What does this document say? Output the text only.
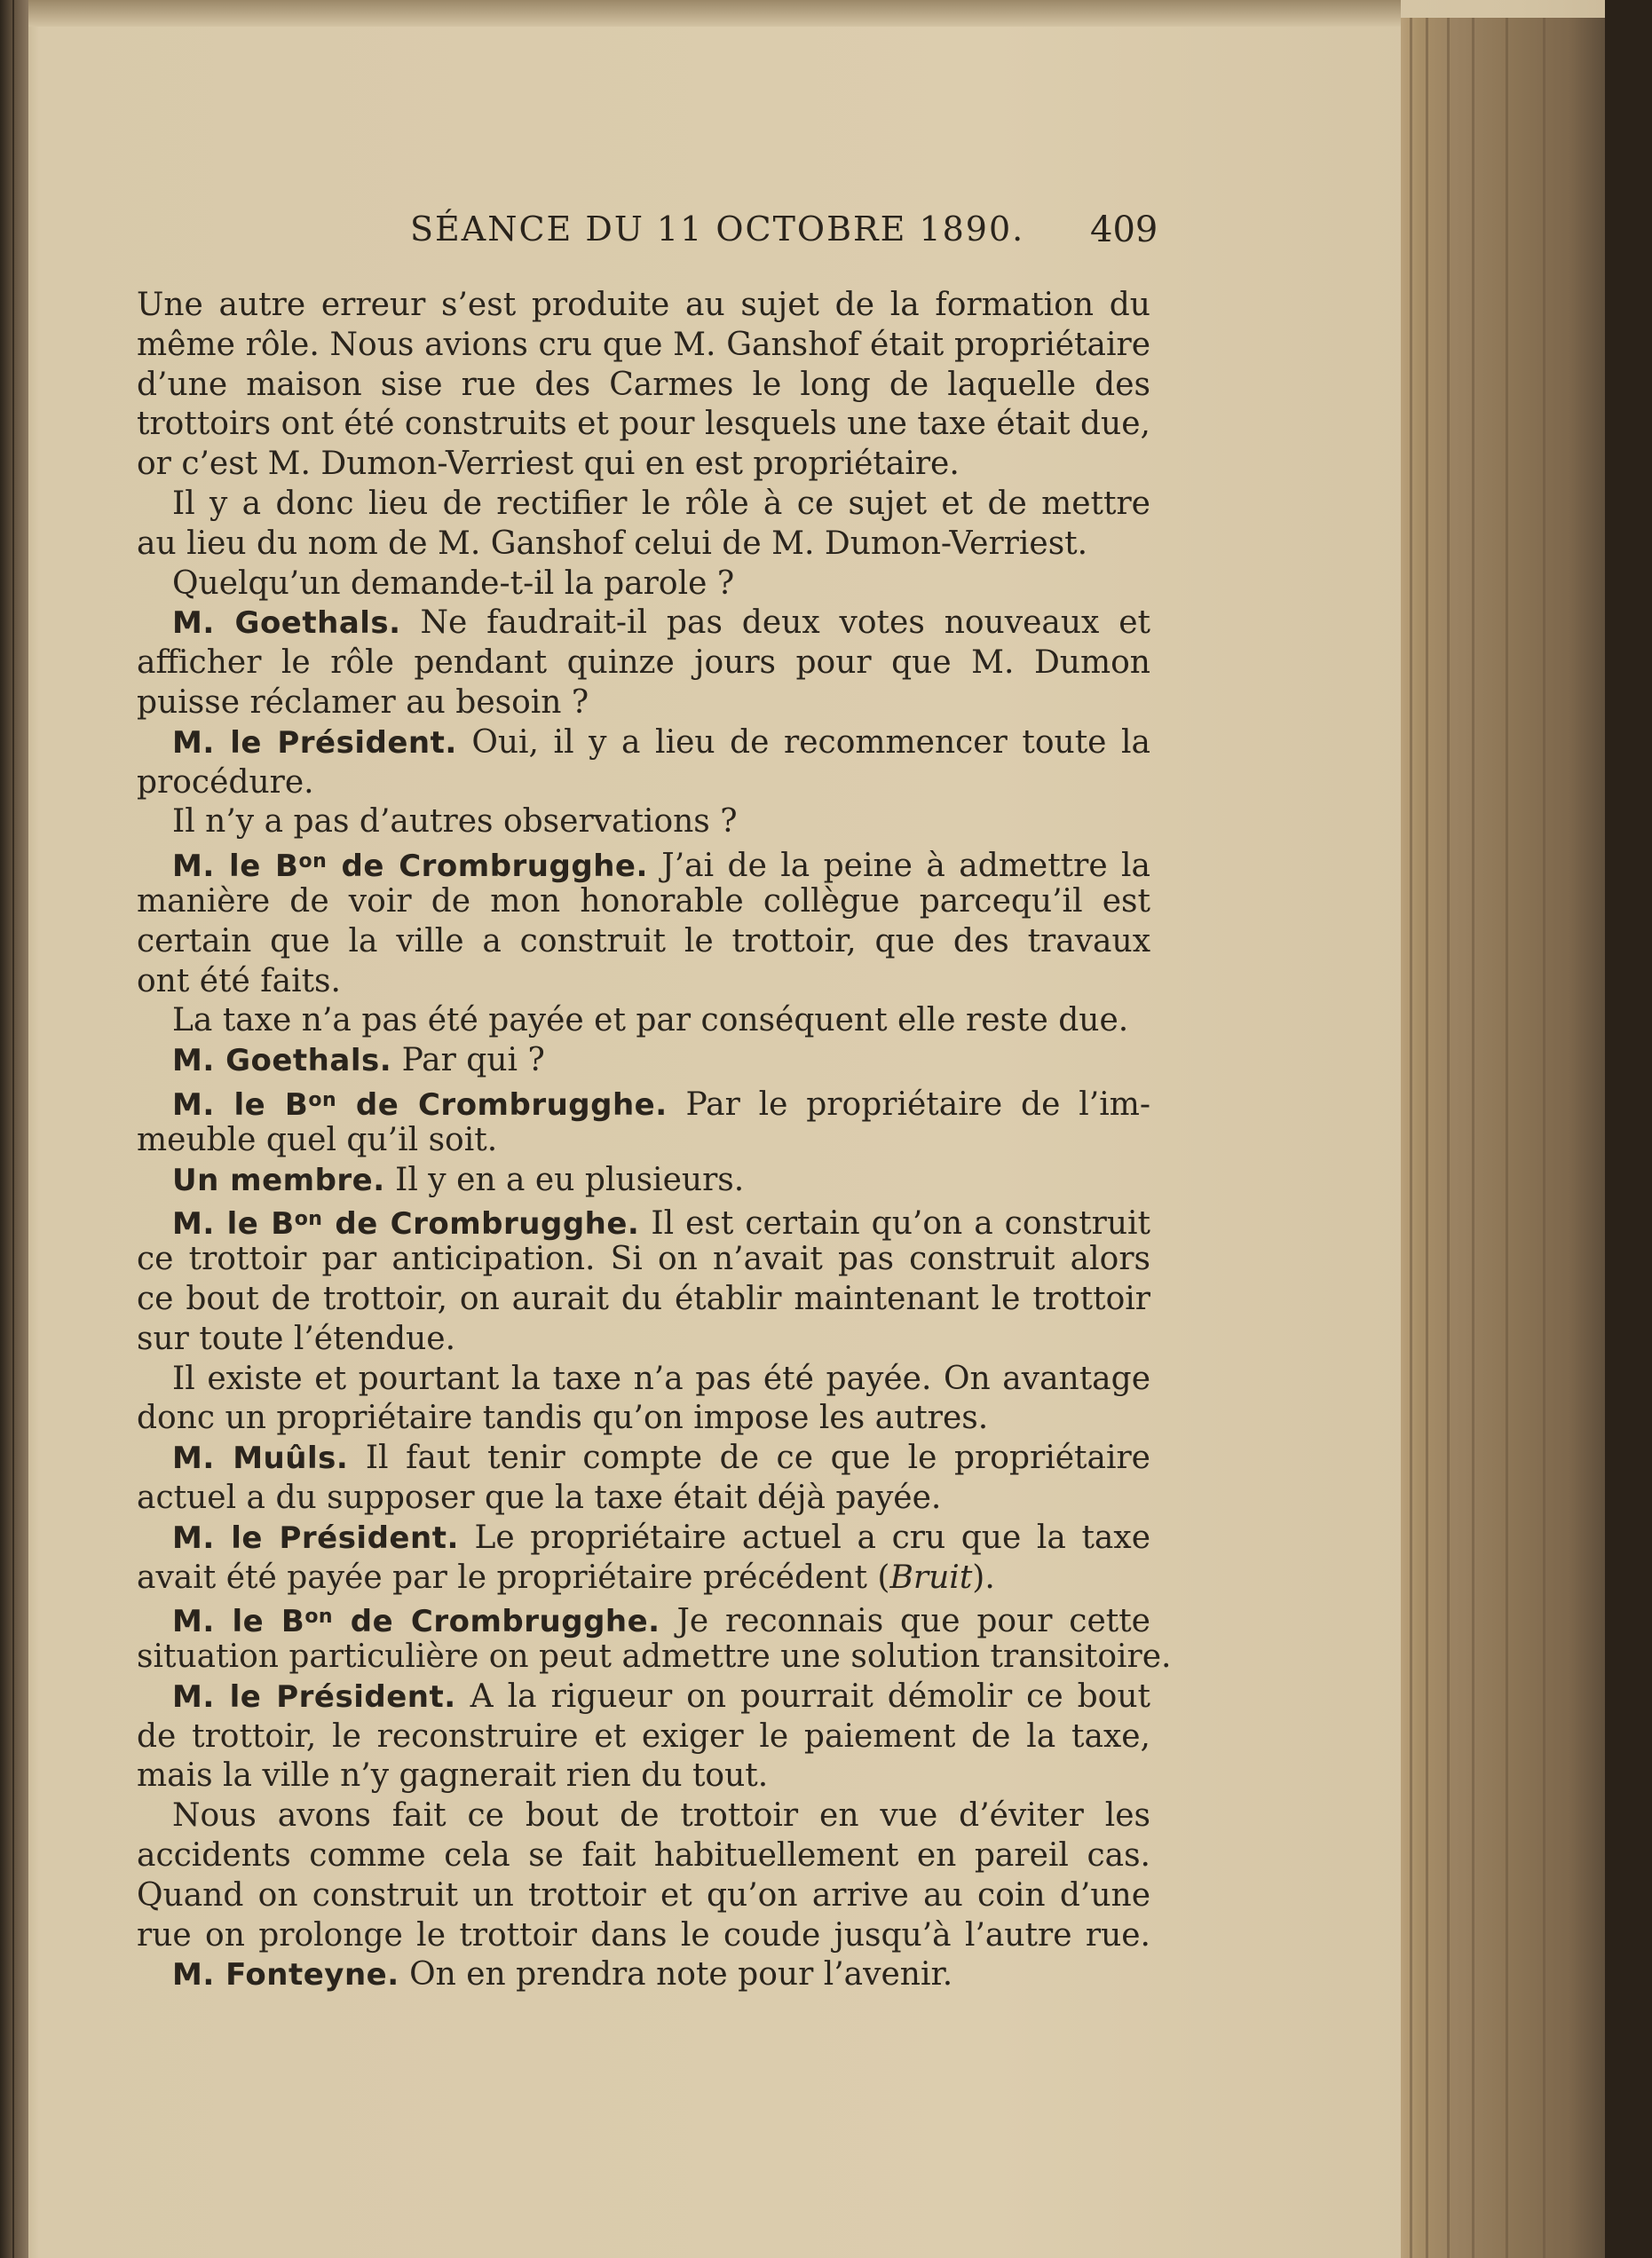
SÉANCE DU 11 OCTOBRE 1890. 409
Une autre erreur s’est produite au sujet de la formation du
même rôle. Nous avions cru que M. Ganshof était propriétaire
d’une maison sise rue des Carmes le long de laquelle des
trottoirs ont été construits et pour lesquels une taxe était due,
or c’est M. Dumon-Verriest qui en est propriétaire.
Il y a donc lieu de rectifier le rôle à ce sujet et de mettre
au lieu du nom de M. Ganshof celui de M. Dumon-Verriest.
Quelqu’un demande-t-il la parole ?
M. Goethals. Ne faudrait-il pas deux votes nouveaux et
afficher le rôle pendant quinze jours pour que M. Dumon
puisse réclamer au besoin ?
M. le Président. Oui, il y a lieu de recommencer toute la
procédure.
Il n’y a pas d’autres observations ?
M. le $B^{on}$ de Crombrugghe. J’ai de la peine à admettre la
manière de voir de mon honorable collègue parcequ’il est
certain que la ville a construit le trottoir, que des travaux
ont été faits.
La taxe n’a pas été payée et par conséquent elle reste due.
M. Goethals. Par qui ?
M. le $B^{on}$ de Crombrugghe. Par le propriétaire de l’im-
meuble quel qu’il soit.
Un membre. Il y en a eu plusieurs.
M. le $B^{on}$ de Crombrugghe. Il est certain qu’on a construit
ce trottoir par anticipation. Si on n’avait pas construit alors
ce bout de trottoir, on aurait du établir maintenant le trottoir
sur toute l’étendue.
Il existe et pourtant la taxe n’a pas été payée. On avantage
donc un propriétaire tandis qu’on impose les autres.
M. Muûls. Il faut tenir compte de ce que le propriétaire
actuel a du supposer que la taxe était déjà payée.
M. le Président. Le propriétaire actuel a cru que la taxe
avait été payée par le propriétaire précédent (Bruit).
M. le $B^{on}$ de Crombrugghe. Je reconnais que pour cette
situation particulière on peut admettre une solution transitoire.
M. le Président. A la rigueur on pourrait démolir ce bout
de trottoir, le reconstruire et exiger le paiement de la taxe,
mais la ville n’y gagnerait rien du tout.
Nous avons fait ce bout de trottoir en vue d’éviter les
accidents comme cela se fait habituellement en pareil cas.
Quand on construit un trottoir et qu’on arrive au coin d’une
rue on prolonge le trottoir dans le coude jusqu’à l’autre rue.
M. Fonteyne. On en prendra note pour l’avenir.
